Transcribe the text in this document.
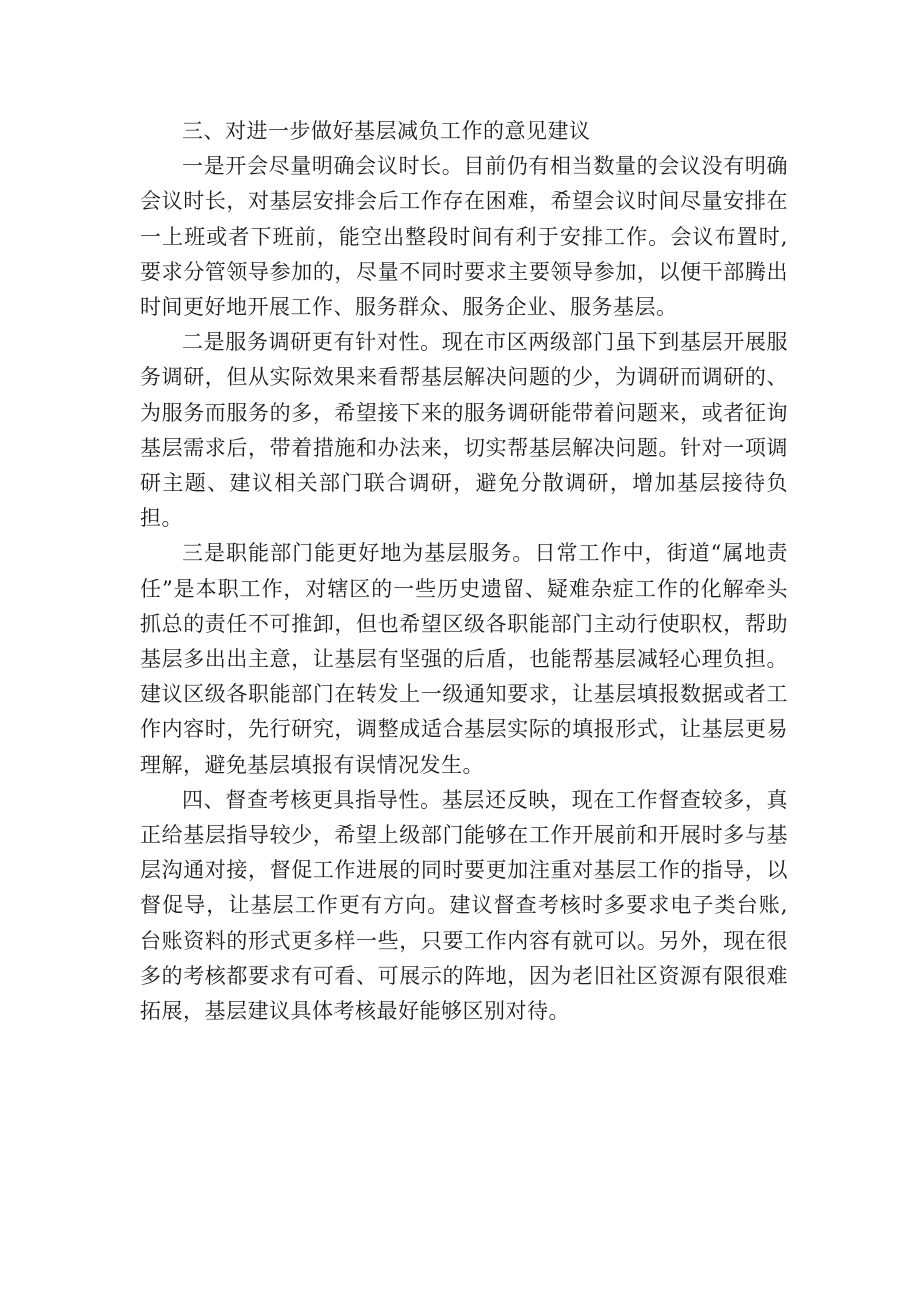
三、对进一步做好基层减负工作的意见建议

一是开会尽量明确会议时长。目前仍有相当数量的会议没有明确会议时长，对基层安排会后工作存在困难，希望会议时间尽量安排在一上班或者下班前，能空出整段时间有利于安排工作。会议布置时,要求分管领导参加的，尽量不同时要求主要领导参加，以便干部腾出时间更好地开展工作、服务群众、服务企业、服务基层。

二是服务调研更有针对性。现在市区两级部门虽下到基层开展服务调研，但从实际效果来看帮基层解决问题的少，为调研而调研的、为服务而服务的多，希望接下来的服务调研能带着问题来，或者征询基层需求后，带着措施和办法来，切实帮基层解决问题。针对一项调研主题、建议相关部门联合调研，避免分散调研，增加基层接待负担。

三是职能部门能更好地为基层服务。日常工作中，街道“属地责任”是本职工作，对辖区的一些历史遗留、疑难杂症工作的化解牵头抓总的责任不可推卸，但也希望区级各职能部门主动行使职权，帮助基层多出出主意，让基层有坚强的后盾，也能帮基层减轻心理负担。建议区级各职能部门在转发上一级通知要求，让基层填报数据或者工作内容时，先行研究，调整成适合基层实际的填报形式，让基层更易理解，避免基层填报有误情况发生。

四、督查考核更具指导性。基层还反映，现在工作督查较多，真正给基层指导较少，希望上级部门能够在工作开展前和开展时多与基层沟通对接，督促工作进展的同时要更加注重对基层工作的指导，以督促导，让基层工作更有方向。建议督查考核时多要求电子类台账,台账资料的形式更多样一些，只要工作内容有就可以。另外，现在很多的考核都要求有可看、可展示的阵地，因为老旧社区资源有限很难拓展，基层建议具体考核最好能够区别对待。
